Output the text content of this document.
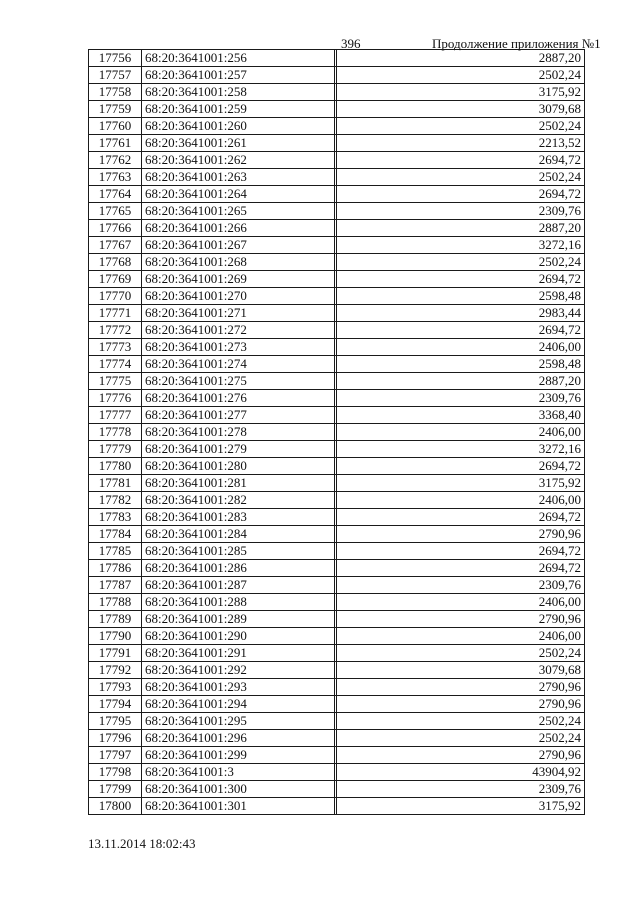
396	Продолжение приложения №1
17756	68:20:3641001:256		2887,20
17757	68:20:3641001:257		2502,24
17758	68:20:3641001:258		3175,92
17759	68:20:3641001:259		3079,68
17760	68:20:3641001:260		2502,24
17761	68:20:3641001:261		2213,52
17762	68:20:3641001:262		2694,72
17763	68:20:3641001:263		2502,24
17764	68:20:3641001:264		2694,72
17765	68:20:3641001:265		2309,76
17766	68:20:3641001:266		2887,20
17767	68:20:3641001:267		3272,16
17768	68:20:3641001:268		2502,24
17769	68:20:3641001:269		2694,72
17770	68:20:3641001:270		2598,48
17771	68:20:3641001:271		2983,44
17772	68:20:3641001:272		2694,72
17773	68:20:3641001:273		2406,00
17774	68:20:3641001:274		2598,48
17775	68:20:3641001:275		2887,20
17776	68:20:3641001:276		2309,76
17777	68:20:3641001:277		3368,40
17778	68:20:3641001:278		2406,00
17779	68:20:3641001:279		3272,16
17780	68:20:3641001:280		2694,72
17781	68:20:3641001:281		3175,92
17782	68:20:3641001:282		2406,00
17783	68:20:3641001:283		2694,72
17784	68:20:3641001:284		2790,96
17785	68:20:3641001:285		2694,72
17786	68:20:3641001:286		2694,72
17787	68:20:3641001:287		2309,76
17788	68:20:3641001:288		2406,00
17789	68:20:3641001:289		2790,96
17790	68:20:3641001:290		2406,00
17791	68:20:3641001:291		2502,24
17792	68:20:3641001:292		3079,68
17793	68:20:3641001:293		2790,96
17794	68:20:3641001:294		2790,96
17795	68:20:3641001:295		2502,24
17796	68:20:3641001:296		2502,24
17797	68:20:3641001:299		2790,96
17798	68:20:3641001:3		43904,92
17799	68:20:3641001:300		2309,76
17800	68:20:3641001:301		3175,92
13.11.2014 18:02:43
